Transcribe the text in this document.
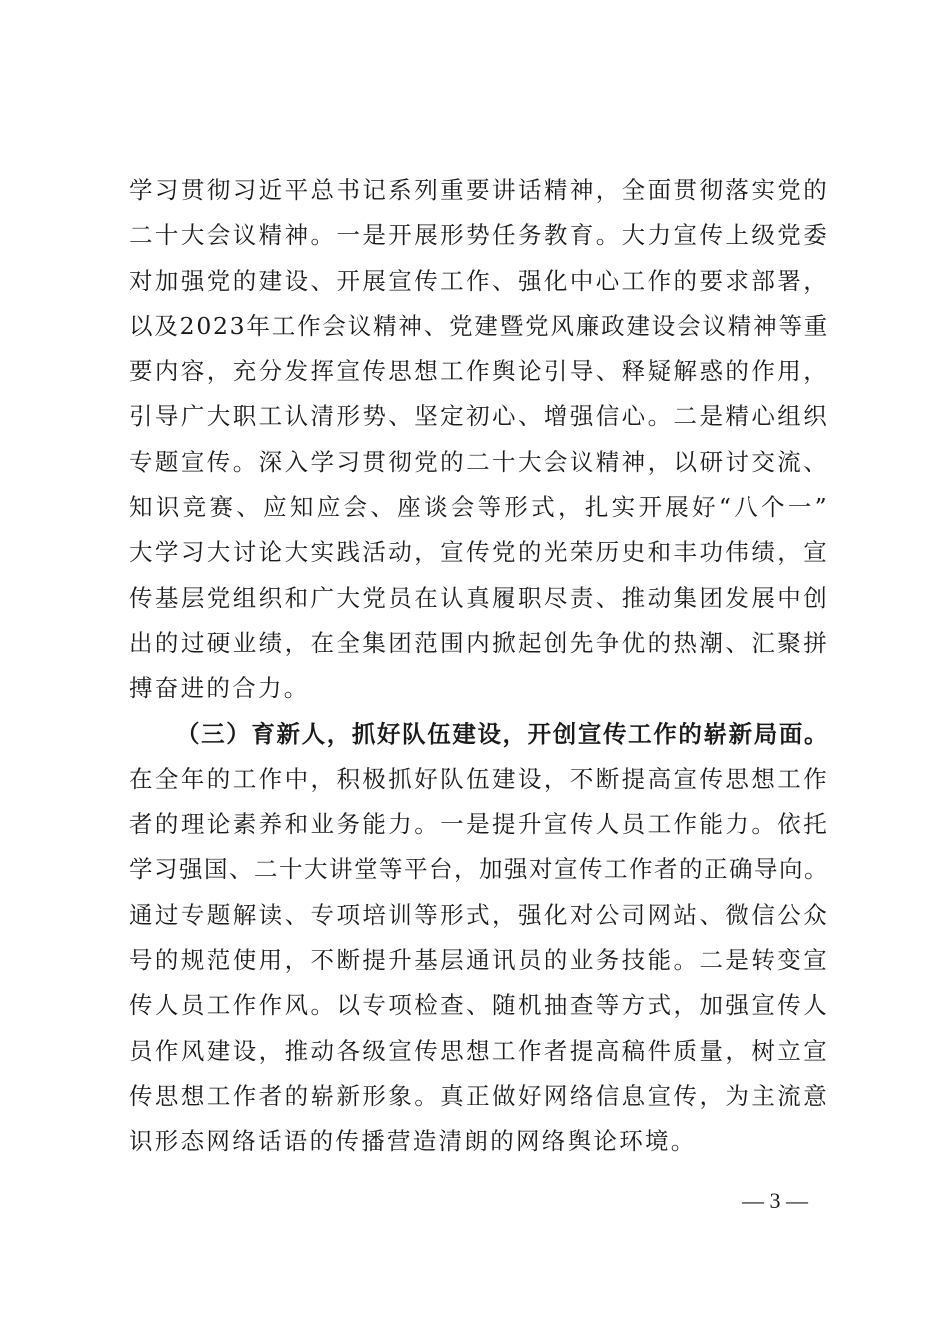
学习贯彻习近平总书记系列重要讲话精神，全面贯彻落实党的
二十大会议精神。一是开展形势任务教育。大力宣传上级党委
对加强党的建设、开展宣传工作、强化中心工作的要求部署，
以及2023年工作会议精神、党建暨党风廉政建设会议精神等重
要内容，充分发挥宣传思想工作舆论引导、释疑解惑的作用，
引导广大职工认清形势、坚定初心、增强信心。二是精心组织
专题宣传。深入学习贯彻党的二十大会议精神，以研讨交流、
知识竞赛、应知应会、座谈会等形式，扎实开展好“八个一”
大学习大讨论大实践活动，宣传党的光荣历史和丰功伟绩，宣
传基层党组织和广大党员在认真履职尽责、推动集团发展中创
出的过硬业绩，在全集团范围内掀起创先争优的热潮、汇聚拼
搏奋进的合力。
（三）育新人，抓好队伍建设，开创宣传工作的崭新局面。
在全年的工作中，积极抓好队伍建设，不断提高宣传思想工作
者的理论素养和业务能力。一是提升宣传人员工作能力。依托
学习强国、二十大讲堂等平台，加强对宣传工作者的正确导向。
通过专题解读、专项培训等形式，强化对公司网站、微信公众
号的规范使用，不断提升基层通讯员的业务技能。二是转变宣
传人员工作作风。以专项检查、随机抽查等方式，加强宣传人
员作风建设，推动各级宣传思想工作者提高稿件质量，树立宣
传思想工作者的崭新形象。真正做好网络信息宣传，为主流意
识形态网络话语的传播营造清朗的网络舆论环境。
— 3 —
